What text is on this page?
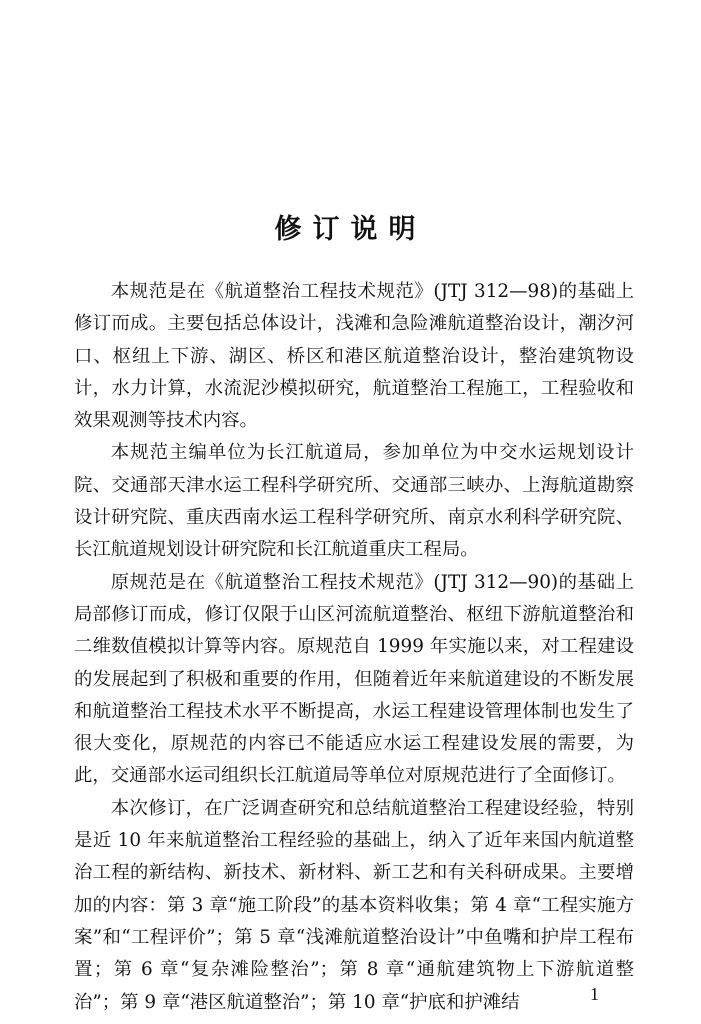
修订说明

本规范是在《航道整治工程技术规范》(JTJ 312—98)的基础上修订而成。主要包括总体设计，浅滩和急险滩航道整治设计，潮汐河口、枢纽上下游、湖区、桥区和港区航道整治设计，整治建筑物设计，水力计算，水流泥沙模拟研究，航道整治工程施工，工程验收和效果观测等技术内容。

本规范主编单位为长江航道局，参加单位为中交水运规划设计院、交通部天津水运工程科学研究所、交通部三峡办、上海航道勘察设计研究院、重庆西南水运工程科学研究所、南京水利科学研究院、长江航道规划设计研究院和长江航道重庆工程局。

原规范是在《航道整治工程技术规范》(JTJ 312—90)的基础上局部修订而成，修订仅限于山区河流航道整治、枢纽下游航道整治和二维数值模拟计算等内容。原规范自 1999 年实施以来，对工程建设的发展起到了积极和重要的作用，但随着近年来航道建设的不断发展和航道整治工程技术水平不断提高，水运工程建设管理体制也发生了很大变化，原规范的内容已不能适应水运工程建设发展的需要，为此，交通部水运司组织长江航道局等单位对原规范进行了全面修订。

本次修订，在广泛调查研究和总结航道整治工程建设经验，特别是近 10 年来航道整治工程经验的基础上，纳入了近年来国内航道整治工程的新结构、新技术、新材料、新工艺和有关科研成果。主要增加的内容：第 3 章“施工阶段”的基本资料收集；第 4 章“工程实施方案”和“工程评价”；第 5 章“浅滩航道整治设计”中鱼嘴和护岸工程布置；第 6 章“复杂滩险整治”；第 8 章“通航建筑物上下游航道整治”；第 9 章“港区航道整治”；第 10 章“护底和护滩结	1
